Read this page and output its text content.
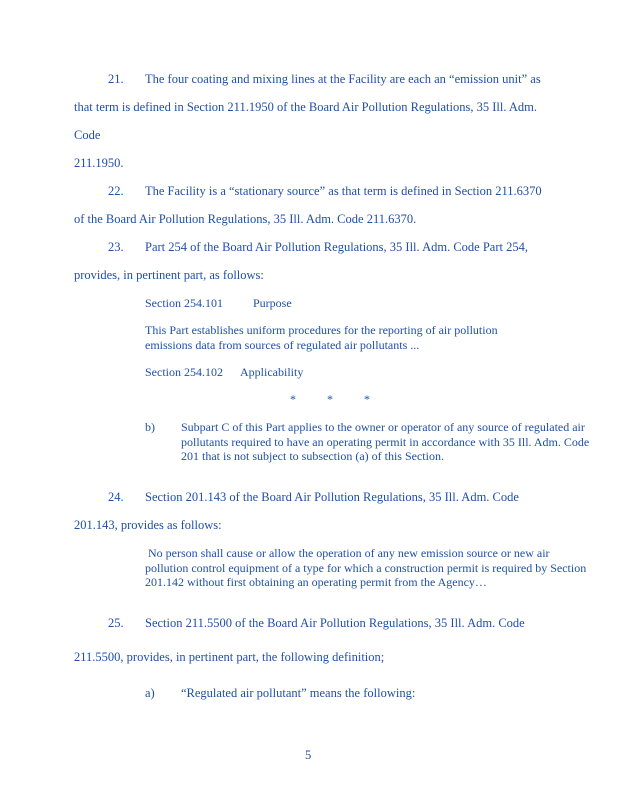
21. The four coating and mixing lines at the Facility are each an “emission unit” as
that term is defined in Section 211.1950 of the Board Air Pollution Regulations, 35 Ill. Adm.
Code
211.1950.
22. The Facility is a “stationary source” as that term is defined in Section 211.6370
of the Board Air Pollution Regulations, 35 Ill. Adm. Code 211.6370.
23. Part 254 of the Board Air Pollution Regulations, 35 Ill. Adm. Code Part 254,
provides, in pertinent part, as follows:
Section 254.101	Purpose
This Part establishes uniform procedures for the reporting of air pollution emissions data from sources of regulated air pollutants ...
Section 254.102 Applicability
*	*	*
b) Subpart C of this Part applies to the owner or operator of any source of regulated air pollutants required to have an operating permit in accordance with 35 Ill. Adm. Code 201 that is not subject to subsection (a) of this Section.
24. Section 201.143 of the Board Air Pollution Regulations, 35 Ill. Adm. Code
201.143, provides as follows:
No person shall cause or allow the operation of any new emission source or new air pollution control equipment of a type for which a construction permit is required by Section 201.142 without first obtaining an operating permit from the Agency…
25. Section 211.5500 of the Board Air Pollution Regulations, 35 Ill. Adm. Code
211.5500, provides, in pertinent part, the following definition;
a) “Regulated air pollutant” means the following:
5
